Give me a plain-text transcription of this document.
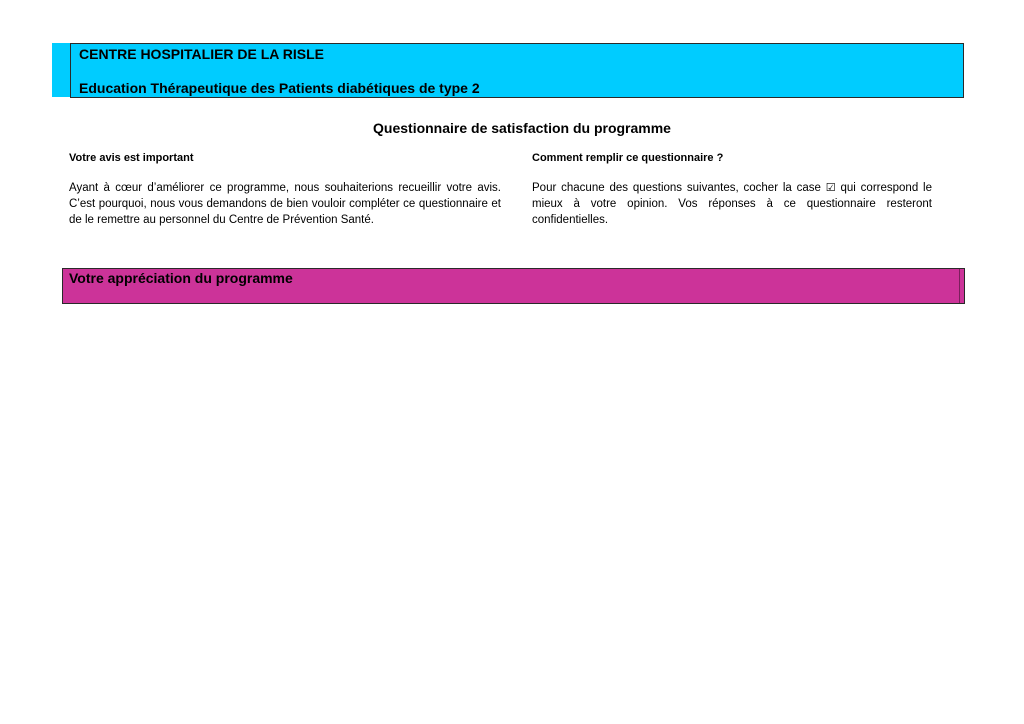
CENTRE HOSPITALIER DE LA RISLE
Education Thérapeutique des Patients diabétiques de type 2
Questionnaire de satisfaction du programme
Votre avis est important
Ayant à cœur d’améliorer ce programme, nous souhaiterions recueillir votre avis. C’est pourquoi, nous vous demandons de bien vouloir compléter ce questionnaire et de le remettre au personnel du Centre de Prévention Santé.
Comment remplir ce questionnaire ?
Pour chacune des questions suivantes, cocher la case ☑ qui correspond le mieux à votre opinion. Vos réponses à ce questionnaire resteront confidentielles.
Votre appréciation du programme
